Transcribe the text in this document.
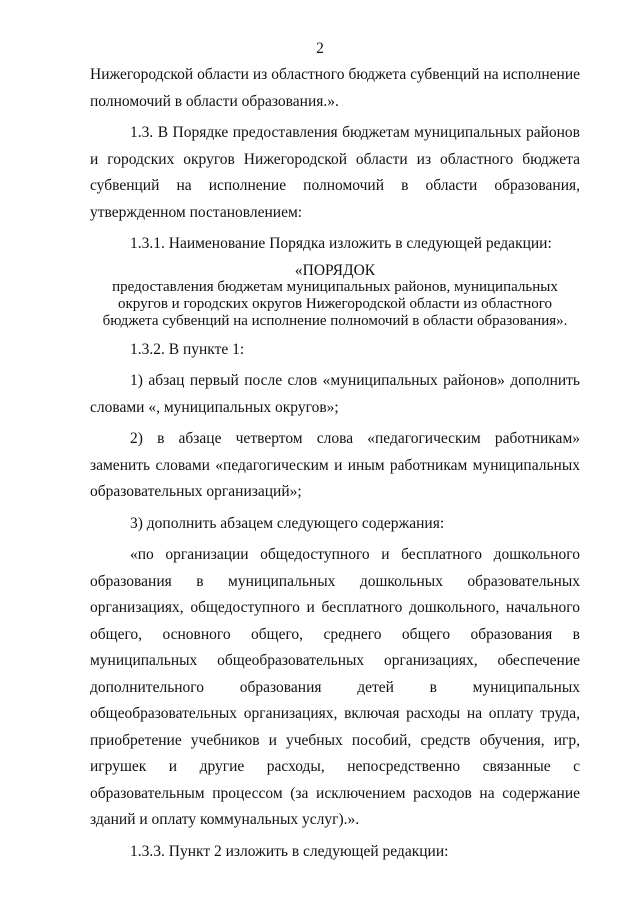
2

Нижегородской области из областного бюджета субвенций на исполнение полномочий в области образования.».

1.3. В Порядке предоставления бюджетам муниципальных районов и городских округов Нижегородской области из областного бюджета субвенций на исполнение полномочий в области образования, утвержденном постановлением:

1.3.1. Наименование Порядка изложить в следующей редакции:

«ПОРЯДОК
предоставления бюджетам муниципальных районов, муниципальных
округов и городских округов Нижегородской области из областного
бюджета субвенций на исполнение полномочий в области образования».

1.3.2. В пункте 1:

1) абзац первый после слов «муниципальных районов» дополнить словами «, муниципальных округов»;

2) в абзаце четвертом слова «педагогическим работникам» заменить словами «педагогическим и иным работникам муниципальных образовательных организаций»;

3) дополнить абзацем следующего содержания:

«по организации общедоступного и бесплатного дошкольного образования в муниципальных дошкольных образовательных организациях, общедоступного и бесплатного дошкольного, начального общего, основного общего, среднего общего образования в муниципальных общеобразовательных организациях, обеспечение дополнительного образования детей в муниципальных общеобразовательных организациях, включая расходы на оплату труда, приобретение учебников и учебных пособий, средств обучения, игр, игрушек и другие расходы, непосредственно связанные с образовательным процессом (за исключением расходов на содержание зданий и оплату коммунальных услуг).».

1.3.3. Пункт 2 изложить в следующей редакции:
